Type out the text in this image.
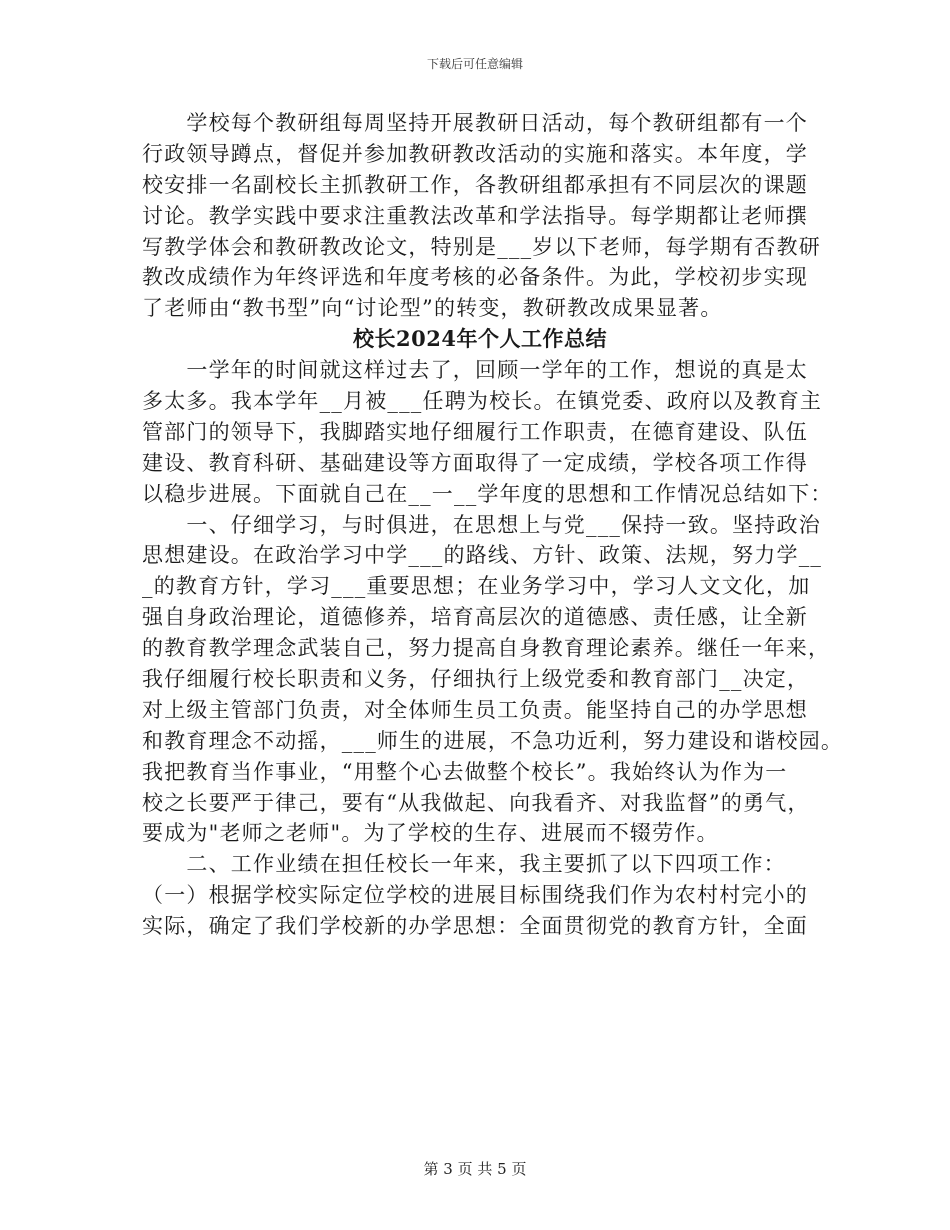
下载后可任意编辑
　　学校每个教研组每周坚持开展教研日活动，每个教研组都有一个
行政领导蹲点，督促并参加教研教改活动的实施和落实。本年度，学
校安排一名副校长主抓教研工作，各教研组都承担有不同层次的课题
讨论。教学实践中要求注重教法改革和学法指导。每学期都让老师撰
写教学体会和教研教改论文，特别是___岁以下老师，每学期有否教研
教改成绩作为年终评选和年度考核的必备条件。为此，学校初步实现
了老师由“教书型”向“讨论型”的转变，教研教改成果显著。
校长2024年个人工作总结
　　一学年的时间就这样过去了，回顾一学年的工作，想说的真是太
多太多。我本学年__月被___任聘为校长。在镇党委、政府以及教育主
管部门的领导下，我脚踏实地仔细履行工作职责，在德育建设、队伍
建设、教育科研、基础建设等方面取得了一定成绩，学校各项工作得
以稳步进展。下面就自己在__一__学年度的思想和工作情况总结如下：
　　一、仔细学习，与时俱进，在思想上与党___保持一致。坚持政治
思想建设。在政治学习中学___的路线、方针、政策、法规，努力学__
_的教育方针，学习___重要思想；在业务学习中，学习人文文化，加
强自身政治理论，道德修养，培育高层次的道德感、责任感，让全新
的教育教学理念武装自己，努力提高自身教育理论素养。继任一年来，
我仔细履行校长职责和义务，仔细执行上级党委和教育部门__决定，
对上级主管部门负责，对全体师生员工负责。能坚持自己的办学思想
和教育理念不动摇，___师生的进展，不急功近利，努力建设和谐校园。
我把教育当作事业，“用整个心去做整个校长”。我始终认为作为一
校之长要严于律己，要有“从我做起、向我看齐、对我监督”的勇气，
要成为"老师之老师"。为了学校的生存、进展而不辍劳作。
　　二、工作业绩在担任校长一年来，我主要抓了以下四项工作：
（一）根据学校实际定位学校的进展目标围绕我们作为农村村完小的
实际，确定了我们学校新的办学思想：全面贯彻党的教育方针，全面
第 3 页 共 5 页
